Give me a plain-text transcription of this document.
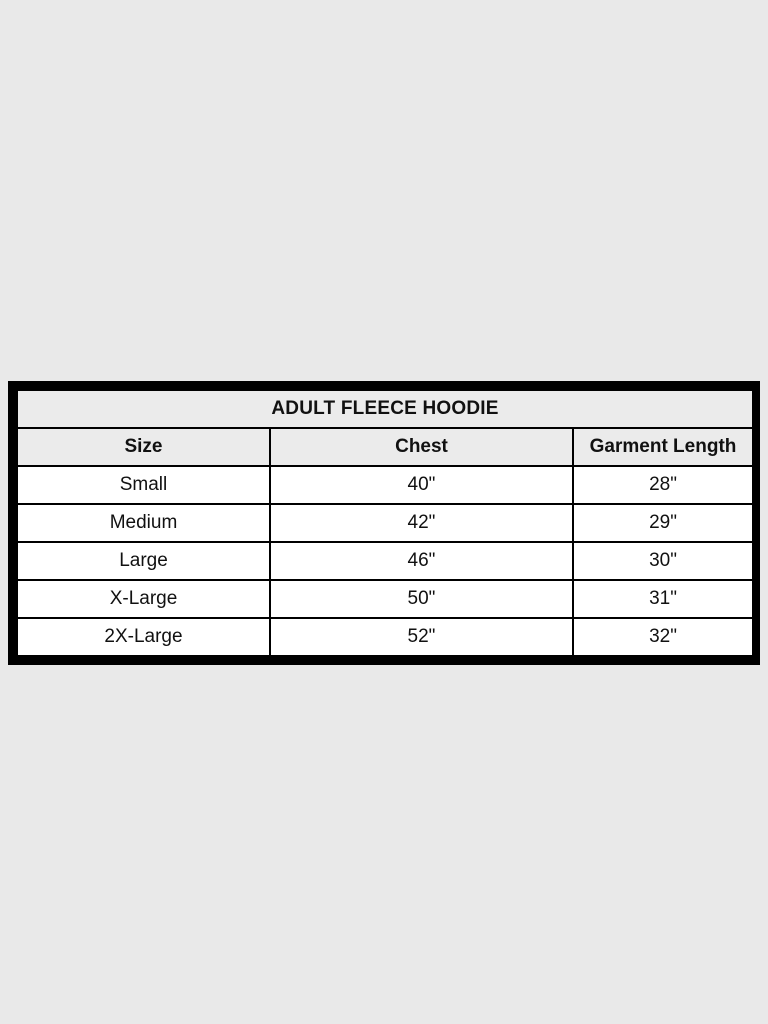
ADULT FLEECE HOODIE		
Size	Chest	Garment Length
Small	40"	28"
Medium	42"	29"
Large	46"	30"
X-Large	50"	31"
2X-Large	52"	32"
